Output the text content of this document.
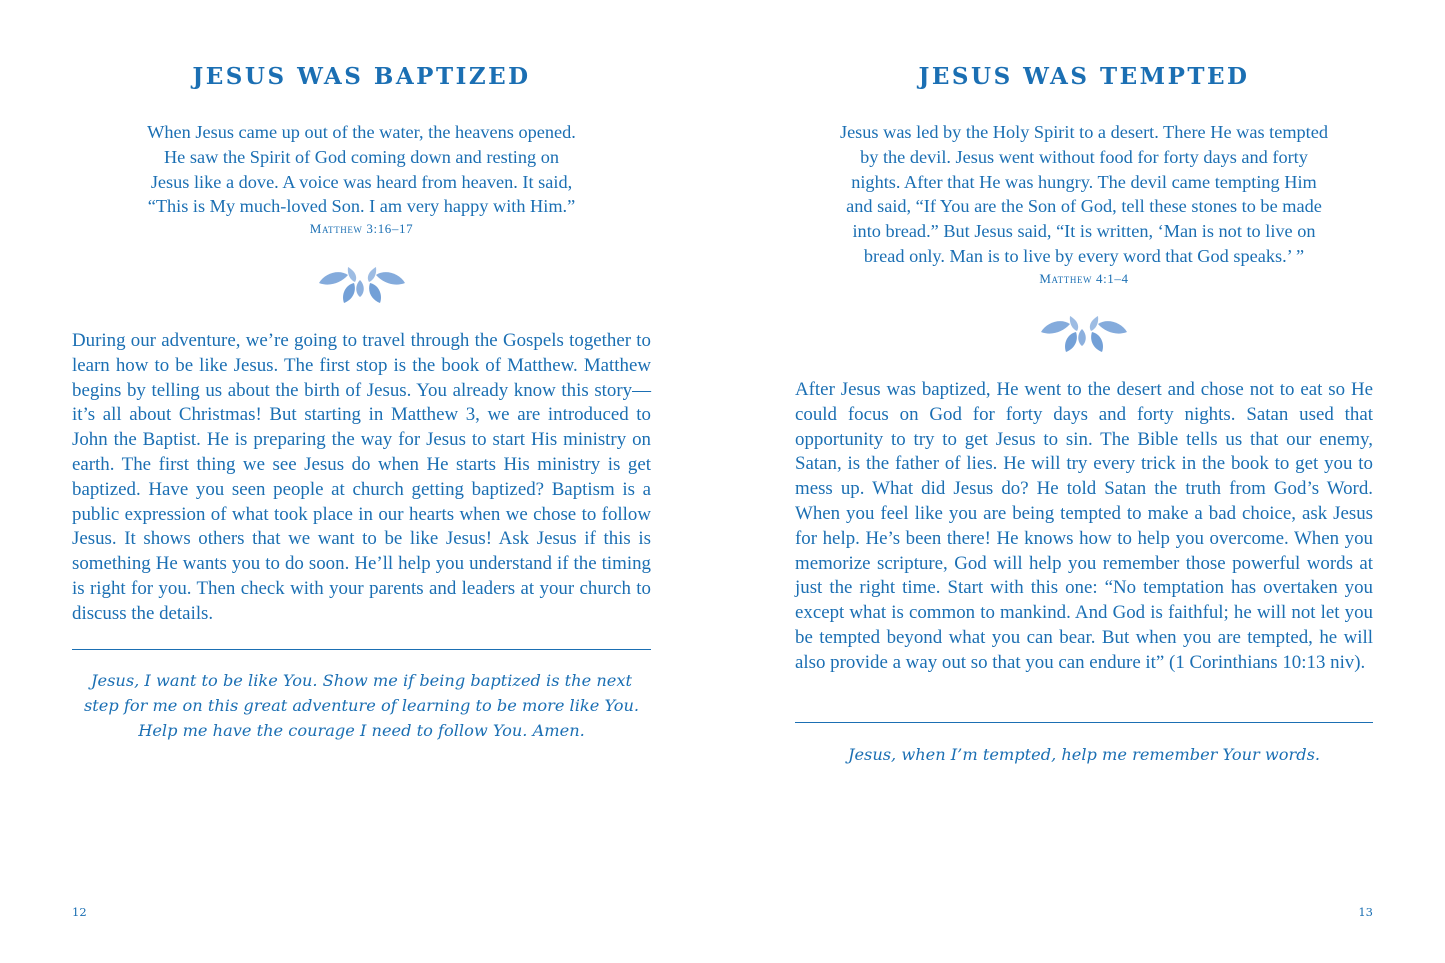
JESUS WAS BAPTIZED

When Jesus came up out of the water, the heavens opened.
He saw the Spirit of God coming down and resting on
Jesus like a dove. A voice was heard from heaven. It said,
“This is My much-loved Son. I am very happy with Him.”
Matthew 3:16–17

During our adventure, we’re going to travel through the Gospels together to learn how to be like Jesus. The first stop is the book of Matthew. Matthew begins by telling us about the birth of Jesus. You already know this story—it’s all about Christmas! But starting in Matthew 3, we are introduced to John the Baptist. He is preparing the way for Jesus to start His ministry on earth. The first thing we see Jesus do when He starts His ministry is get baptized. Have you seen people at church getting baptized? Baptism is a public expression of what took place in our hearts when we chose to follow Jesus. It shows others that we want to be like Jesus! Ask Jesus if this is something He wants you to do soon. He’ll help you understand if the timing is right for you. Then check with your parents and leaders at your church to discuss the details.

Jesus, I want to be like You. Show me if being baptized is the next
step for me on this great adventure of learning to be more like You.
Help me have the courage I need to follow You. Amen.

12
JESUS WAS TEMPTED

Jesus was led by the Holy Spirit to a desert. There He was tempted
by the devil. Jesus went without food for forty days and forty
nights. After that He was hungry. The devil came tempting Him
and said, “If You are the Son of God, tell these stones to be made
into bread.” But Jesus said, “It is written, ‘Man is not to live on
bread only. Man is to live by every word that God speaks.’ ”
Matthew 4:1–4

After Jesus was baptized, He went to the desert and chose not to eat so He could focus on God for forty days and forty nights. Satan used that opportunity to try to get Jesus to sin. The Bible tells us that our enemy, Satan, is the father of lies. He will try every trick in the book to get you to mess up. What did Jesus do? He told Satan the truth from God’s Word. When you feel like you are being tempted to make a bad choice, ask Jesus for help. He’s been there! He knows how to help you overcome. When you memorize scripture, God will help you remember those powerful words at just the right time. Start with this one: “No temptation has overtaken you except what is common to mankind. And God is faithful; he will not let you be tempted beyond what you can bear. But when you are tempted, he will also provide a way out so that you can endure it” (1 Corinthians 10:13 niv).

Jesus, when I’m tempted, help me remember Your words.

13
